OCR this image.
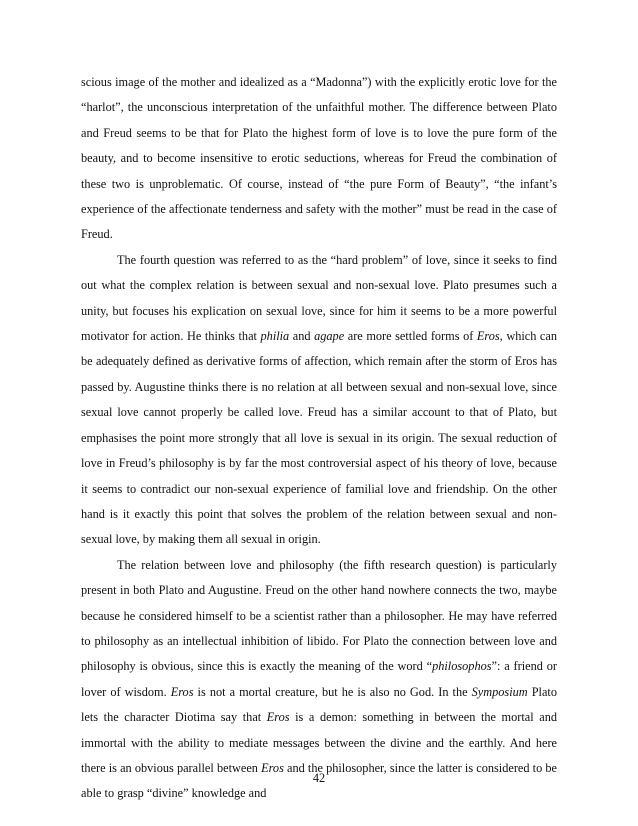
scious image of the mother and idealized as a “Madonna”) with the explicitly erotic love for the “harlot”, the unconscious interpretation of the unfaithful mother. The difference between Plato and Freud seems to be that for Plato the highest form of love is to love the pure form of the beauty, and to become insensitive to erotic seductions, whereas for Freud the combination of these two is unproblematic. Of course, instead of “the pure Form of Beauty”, “the infant’s experience of the affectionate tenderness and safety with the mother” must be read in the case of Freud.

The fourth question was referred to as the “hard problem” of love, since it seeks to find out what the complex relation is between sexual and non-sexual love. Plato presumes such a unity, but focuses his explication on sexual love, since for him it seems to be a more powerful motivator for action. He thinks that philia and agape are more settled forms of Eros, which can be adequately defined as derivative forms of affection, which remain after the storm of Eros has passed by. Augustine thinks there is no relation at all between sexual and non-sexual love, since sexual love cannot properly be called love. Freud has a similar account to that of Plato, but emphasises the point more strongly that all love is sexual in its origin. The sexual reduction of love in Freud’s philosophy is by far the most controversial aspect of his theory of love, because it seems to contradict our non-sexual experience of familial love and friendship. On the other hand is it exactly this point that solves the problem of the relation between sexual and non-sexual love, by making them all sexual in origin.

The relation between love and philosophy (the fifth research question) is particularly present in both Plato and Augustine. Freud on the other hand nowhere connects the two, maybe because he considered himself to be a scientist rather than a philosopher. He may have referred to philosophy as an intellectual inhibition of libido. For Plato the connection between love and philosophy is obvious, since this is exactly the meaning of the word “philosophos”: a friend or lover of wisdom. Eros is not a mortal creature, but he is also no God. In the Symposium Plato lets the character Diotima say that Eros is a demon: something in between the mortal and immortal with the ability to mediate messages between the divine and the earthly. And here there is an obvious parallel between Eros and the philosopher, since the latter is considered to be able to grasp “divine” knowledge and

42
